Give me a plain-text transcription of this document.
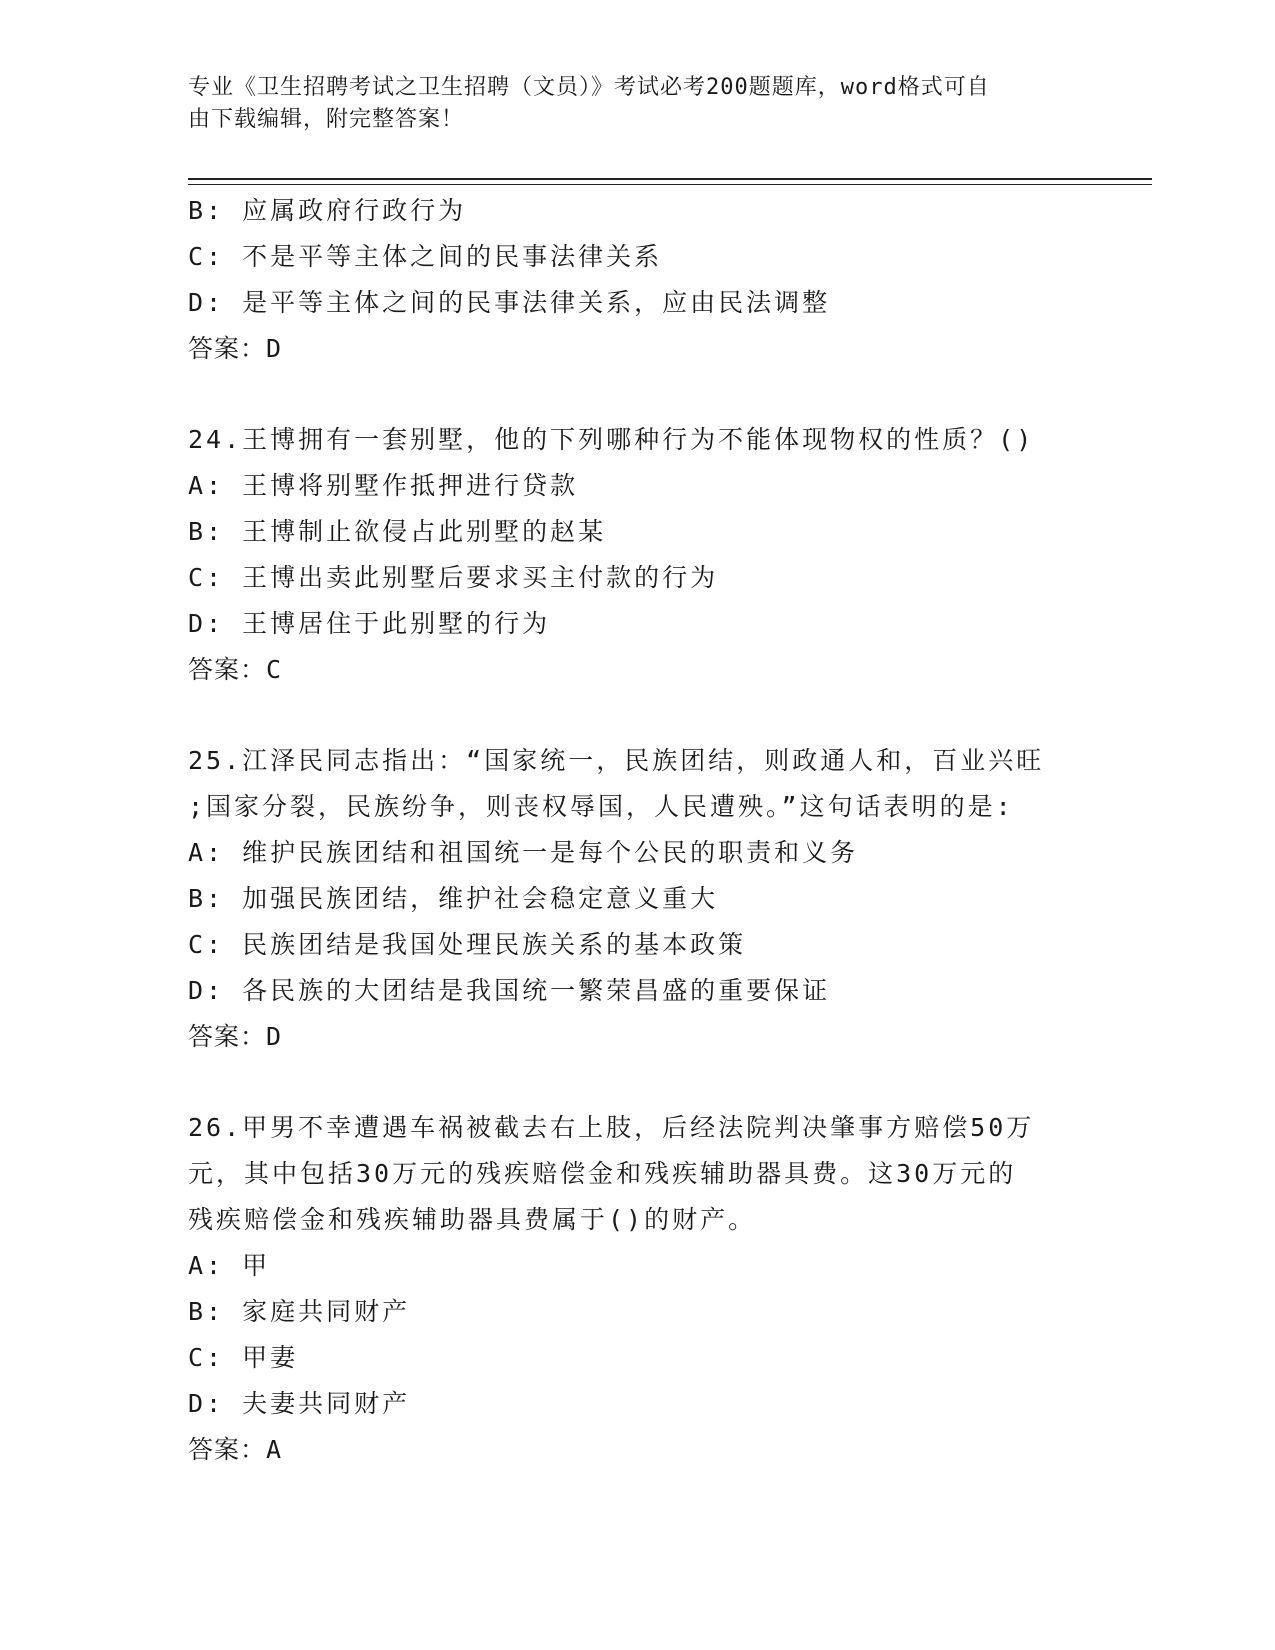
专业《卫生招聘考试之卫生招聘（文员）》考试必考200题题库，word格式可自
由下载编辑，附完整答案！
B: 应属政府行政行为
C: 不是平等主体之间的民事法律关系
D: 是平等主体之间的民事法律关系，应由民法调整
答案：D
24.王博拥有一套别墅，他的下列哪种行为不能体现物权的性质？()
A: 王博将别墅作抵押进行贷款
B: 王博制止欲侵占此别墅的赵某
C: 王博出卖此别墅后要求买主付款的行为
D: 王博居住于此别墅的行为
答案：C
25.江泽民同志指出：“国家统一，民族团结，则政通人和，百业兴旺
;国家分裂，民族纷争，则丧权辱国，人民遭殃。”这句话表明的是:
A: 维护民族团结和祖国统一是每个公民的职责和义务
B: 加强民族团结，维护社会稳定意义重大
C: 民族团结是我国处理民族关系的基本政策
D: 各民族的大团结是我国统一繁荣昌盛的重要保证
答案：D
26.甲男不幸遭遇车祸被截去右上肢，后经法院判决肇事方赔偿50万
元，其中包括30万元的残疾赔偿金和残疾辅助器具费。这30万元的
残疾赔偿金和残疾辅助器具费属于()的财产。
A: 甲
B: 家庭共同财产
C: 甲妻
D: 夫妻共同财产
答案：A
